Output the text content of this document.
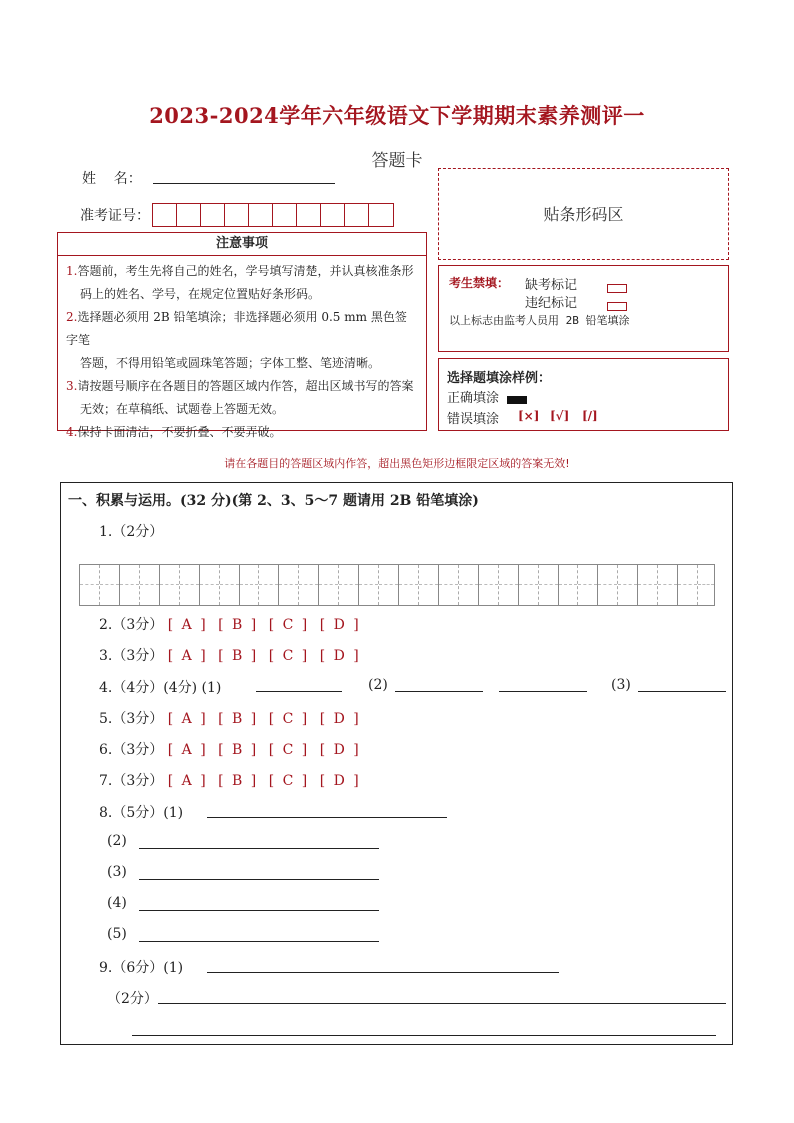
2023-2024学年六年级语文下学期期末素养测评一
答题卡
姓    名：
准考证号：	贴条形码区
注意事项
1.答题前，考生先将自己的姓名，学号填写清楚，并认真核准条形
码上的姓名、学号，在规定位置贴好条形码。
2.选择题必须用 2B 铅笔填涂；非选择题必须用 0.5 mm 黑色签字笔
答题，不得用铅笔或圆珠笔答题；字体工整、笔迹清晰。
3.请按题号顺序在各题目的答题区域内作答，超出区域书写的答案
无效；在草稿纸、试题卷上答题无效。
4.保持卡面清洁，不要折叠、不要弄破。
考生禁填： 缺考标记
违纪标记
以上标志由监考人员用 2B 铅笔填涂
选择题填涂样例：
正确填涂
错误填涂 [×] [√] [/]
请在各题目的答题区域内作答，超出黑色矩形边框限定区域的答案无效!
一、积累与运用。(32 分)(第 2、3、5～7 题请用 2B 铅笔填涂)
1.（2分）
2.（3分） [ A ] [ B ] [ C ] [ D ]
3.（3分） [ A ] [ B ] [ C ] [ D ]
4.（4分）(4分) (1)	(2)	(3)
5.（3分） [ A ] [ B ] [ C ] [ D ]
6.（3分） [ A ] [ B ] [ C ] [ D ]
7.（3分） [ A ] [ B ] [ C ] [ D ]
8.（5分）(1)
(2)
(3)
(4)
(5)
9.（6分）(1)
（2分）
